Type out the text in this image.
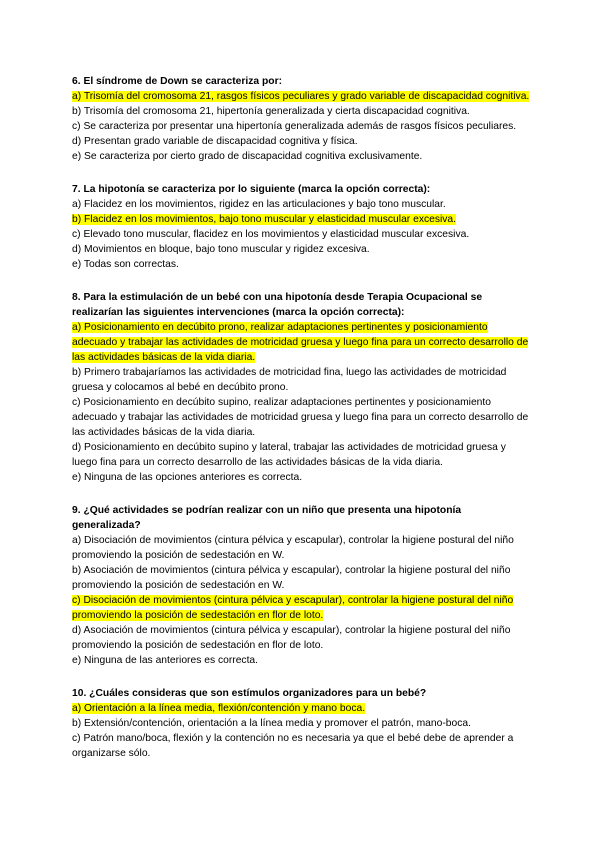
6. El síndrome de Down se caracteriza por:

a) Trisomía del cromosoma 21, rasgos físicos peculiares y grado variable de discapacidad cognitiva.

b) Trisomía del cromosoma 21, hipertonía generalizada y cierta discapacidad cognitiva.

c) Se caracteriza por presentar una hipertonía generalizada además de rasgos físicos peculiares.

d) Presentan grado variable de discapacidad cognitiva y física.

e) Se caracteriza por cierto grado de discapacidad cognitiva exclusivamente.

7. La hipotonía se caracteriza por lo siguiente (marca la opción correcta):

a) Flacidez en los movimientos, rigidez en las articulaciones y bajo tono muscular.

b) Flacidez en los movimientos, bajo tono muscular y elasticidad muscular excesiva.

c) Elevado tono muscular, flacidez en los movimientos y elasticidad muscular excesiva.

d) Movimientos en bloque, bajo tono muscular y rigidez excesiva.

e) Todas son correctas.

8. Para la estimulación de un bebé con una hipotonía desde Terapia Ocupacional se realizarían las siguientes intervenciones (marca la opción correcta):

a) Posicionamiento en decúbito prono, realizar adaptaciones pertinentes y posicionamiento adecuado y trabajar las actividades de motricidad gruesa y luego fina para un correcto desarrollo de las actividades básicas de la vida diaria.

b) Primero trabajaríamos las actividades de motricidad fina, luego las actividades de motricidad gruesa y colocamos al bebé en decúbito prono.

c) Posicionamiento en decúbito supino, realizar adaptaciones pertinentes y posicionamiento adecuado y trabajar las actividades de motricidad gruesa y luego fina para un correcto desarrollo de las actividades básicas de la vida diaria.

d) Posicionamiento en decúbito supino y lateral, trabajar las actividades de motricidad gruesa y luego fina para un correcto desarrollo de las actividades básicas de la vida diaria.

e) Ninguna de las opciones anteriores es correcta.

9. ¿Qué actividades se podrían realizar con un niño que presenta una hipotonía generalizada?

a) Disociación de movimientos (cintura pélvica y escapular), controlar la higiene postural del niño promoviendo la posición de sedestación en W.

b) Asociación de movimientos (cintura pélvica y escapular), controlar la higiene postural del niño promoviendo la posición de sedestación en W.

c) Disociación de movimientos (cintura pélvica y escapular), controlar la higiene postural del niño promoviendo la posición de sedestación en flor de loto.

d) Asociación de movimientos (cintura pélvica y escapular), controlar la higiene postural del niño promoviendo la posición de sedestación en flor de loto.

e) Ninguna de las anteriores es correcta.

10. ¿Cuáles consideras que son estímulos organizadores para un bebé?

a) Orientación a la línea media, flexión/contención y mano boca.

b) Extensión/contención, orientación a la línea media y promover el patrón, mano-boca.

c) Patrón mano/boca, flexión y la contención no es necesaria ya que el bebé debe de aprender a organizarse sólo.
